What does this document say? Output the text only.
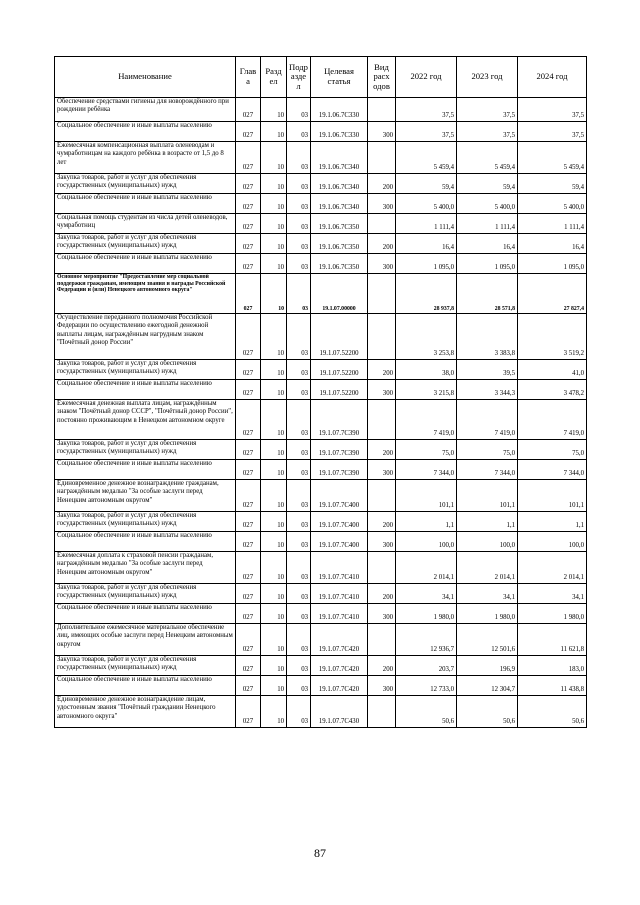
Наименование	Глав а	Разд ел	Подр азде л	Целевая статья	Вид расх одов	2022 год	2023 год	2024 год
Обеспечение средствами гигиены для новорождённого при рождении ребёнка	027	10	03	19.1.06.7С330		37,5	37,5	37,5
Социальное обеспечение и иные выплаты населению	027	10	03	19.1.06.7С330	300	37,5	37,5	37,5
Ежемесячная компенсационная выплата оленеводам и чумработницам на каждого ребёнка в возрасте от 1,5 до 8 лет	027	10	03	19.1.06.7С340		5 459,4	5 459,4	5 459,4
Закупка товаров, работ и услуг для обеспечения государственных (муниципальных) нужд	027	10	03	19.1.06.7С340	200	59,4	59,4	59,4
Социальное обеспечение и иные выплаты населению	027	10	03	19.1.06.7С340	300	5 400,0	5 400,0	5 400,0
Социальная помощь студентам из числа детей оленеводов, чумработниц	027	10	03	19.1.06.7С350		1 111,4	1 111,4	1 111,4
Закупка товаров, работ и услуг для обеспечения государственных (муниципальных) нужд	027	10	03	19.1.06.7С350	200	16,4	16,4	16,4
Социальное обеспечение и иные выплаты населению	027	10	03	19.1.06.7С350	300	1 095,0	1 095,0	1 095,0
Основное мероприятие "Предоставление мер социальной поддержки гражданам, имеющим звания и награды Российской Федерации и (или) Ненецкого автономного округа"	027	10	03	19.1.07.00000		28 937,8	28 571,8	27 827,4
Осуществление переданного полномочия Российской Федерации по осуществлению ежегодной денежной выплаты лицам, награждённым нагрудным знаком "Почётный донор России"	027	10	03	19.1.07.52200		3 253,8	3 383,8	3 519,2
Закупка товаров, работ и услуг для обеспечения государственных (муниципальных) нужд	027	10	03	19.1.07.52200	200	38,0	39,5	41,0
Социальное обеспечение и иные выплаты населению	027	10	03	19.1.07.52200	300	3 215,8	3 344,3	3 478,2
Ежемесячная денежная выплата лицам, награждённым знаком "Почётный донор СССР", "Почётный донор России", постоянно проживающим в Ненецком автономном округе	027	10	03	19.1.07.7С390		7 419,0	7 419,0	7 419,0
Закупка товаров, работ и услуг для обеспечения государственных (муниципальных) нужд	027	10	03	19.1.07.7С390	200	75,0	75,0	75,0
Социальное обеспечение и иные выплаты населению	027	10	03	19.1.07.7С390	300	7 344,0	7 344,0	7 344,0
Единовременное денежное вознаграждение гражданам, награждённым медалью "За особые заслуги перед Ненецким автономным округом"	027	10	03	19.1.07.7С400		101,1	101,1	101,1
Закупка товаров, работ и услуг для обеспечения государственных (муниципальных) нужд	027	10	03	19.1.07.7С400	200	1,1	1,1	1,1
Социальное обеспечение и иные выплаты населению	027	10	03	19.1.07.7С400	300	100,0	100,0	100,0
Ежемесячная доплата к страховой пенсии гражданам, награждённым медалью "За особые заслуги перед Ненецким автономным округом"	027	10	03	19.1.07.7С410		2 014,1	2 014,1	2 014,1
Закупка товаров, работ и услуг для обеспечения государственных (муниципальных) нужд	027	10	03	19.1.07.7С410	200	34,1	34,1	34,1
Социальное обеспечение и иные выплаты населению	027	10	03	19.1.07.7С410	300	1 980,0	1 980,0	1 980,0
Дополнительное ежемесячное материальное обеспечение лиц, имеющих особые заслуги перед Ненецким автономным округом	027	10	03	19.1.07.7С420		12 936,7	12 501,6	11 621,8
Закупка товаров, работ и услуг для обеспечения государственных (муниципальных) нужд	027	10	03	19.1.07.7С420	200	203,7	196,9	183,0
Социальное обеспечение и иные выплаты населению	027	10	03	19.1.07.7С420	300	12 733,0	12 304,7	11 438,8
Единовременное денежное вознаграждение лицам, удостоенным звания "Почётный гражданин Ненецкого автономного округа"	027	10	03	19.1.07.7С430		50,6	50,6	50,6
87
